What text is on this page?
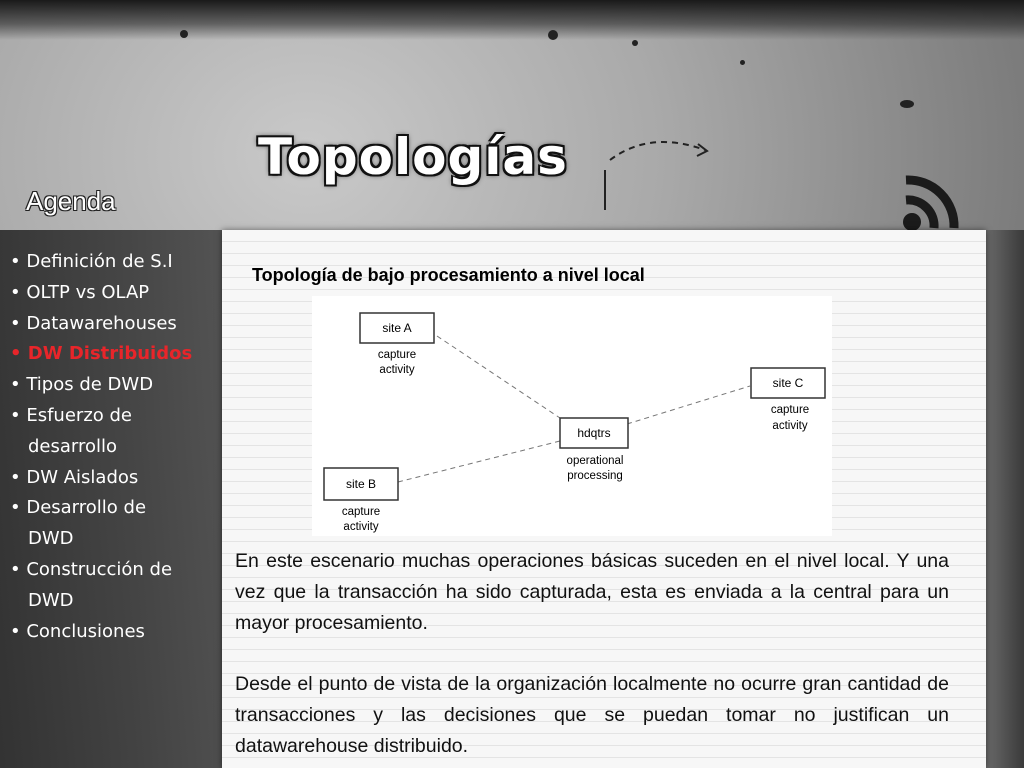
Topologías
Agenda
• Definición de S.I
• OLTP vs OLAP
• Datawarehouses
• DW Distribuidos
• Tipos de DWD
• Esfuerzo de
desarrollo
• DW Aislados
• Desarrollo de
DWD
• Construcción de
DWD
• Conclusiones
Topología de bajo procesamiento a nivel local
site A
capture
activity
site B
capture
activity
site C
capture
activity
hdqtrs
operational
processing

En este escenario muchas operaciones básicas suceden en el nivel local. Y una vez que la transacción ha sido capturada, esta es enviada a la central para un mayor procesamiento.

Desde el punto de vista de la organización localmente no ocurre gran cantidad de transacciones y las decisiones que se puedan tomar no justifican un datawarehouse distribuido.
